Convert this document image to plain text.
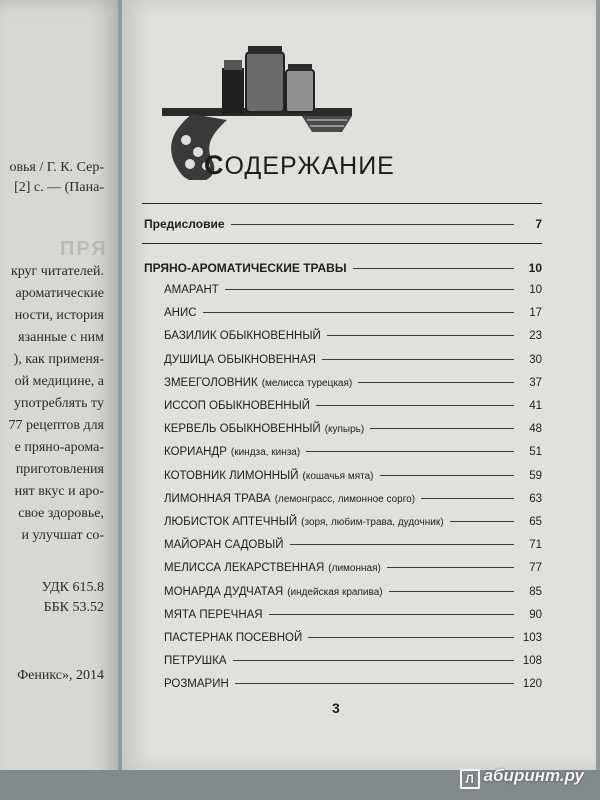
ПРЯ
овья / Г. К. Сер-
[2] с. — (Пана-
круг читателей.
ароматические
ности, история
язанные с ним
), как применя-
ой медицине, а
употреблять ту
77 рецептов для
е пряно-арома-
приготовления
нят вкус и аро-
свое здоровье,
и улучшат со-
УДК 615.8
ББК 53.52
Феникс», 2014
СОДЕРЖАНИЕ
Предисловие	7
ПРЯНО-АРОМАТИЧЕСКИЕ ТРАВЫ	10
АМАРАНТ	10
АНИС	17
БАЗИЛИК ОБЫКНОВЕННЫЙ	23
ДУШИЦА ОБЫКНОВЕННАЯ	30
ЗМЕЕГОЛОВНИК (мелисса турецкая)	37
ИССОП ОБЫКНОВЕННЫЙ	41
КЕРВЕЛЬ ОБЫКНОВЕННЫЙ (купырь)	48
КОРИАНДР (киндза, кинза)	51
КОТОВНИК ЛИМОННЫЙ (кошачья мята)	59
ЛИМОННАЯ ТРАВА (лемонграсс, лимонное сорго)	63
ЛЮБИСТОК АПТЕЧНЫЙ (зоря, любим-трава, дудочник)	65
МАЙОРАН САДОВЫЙ	71
МЕЛИССА ЛЕКАРСТВЕННАЯ (лимонная)	77
МОНАРДА ДУДЧАТАЯ (индейская крапива)	85
МЯТА ПЕРЕЧНАЯ	90
ПАСТЕРНАК ПОСЕВНОЙ	103
ПЕТРУШКА	108
РОЗМАРИН	120
3
Л абиринт.ру
